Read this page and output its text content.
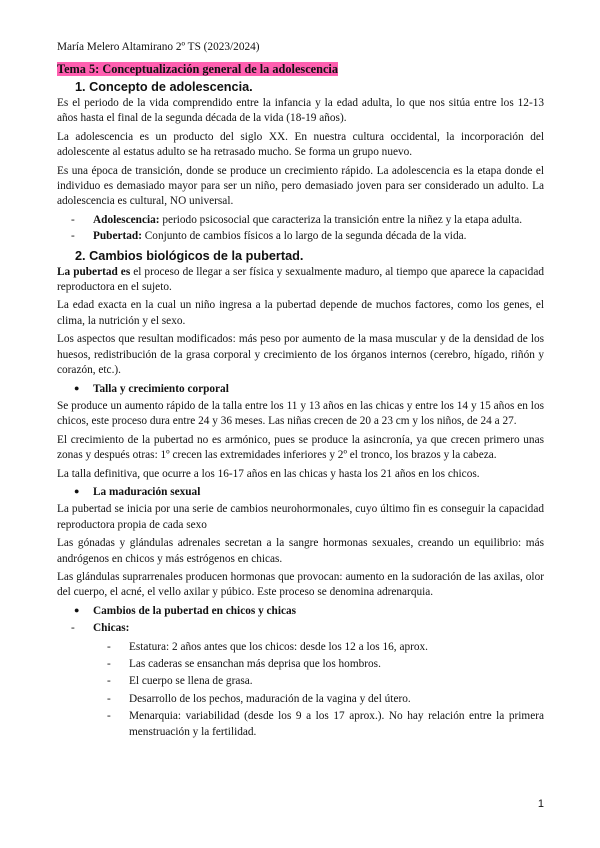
María Melero Altamirano 2º TS (2023/2024)
Tema 5: Conceptualización general de la adolescencia
1. Concepto de adolescencia.

Es el periodo de la vida comprendido entre la infancia y la edad adulta, lo que nos sitúa entre los 12-13 años hasta el final de la segunda década de la vida (18-19 años).

La adolescencia es un producto del siglo XX. En nuestra cultura occidental, la incorporación del adolescente al estatus adulto se ha retrasado mucho. Se forma un grupo nuevo.

Es una época de transición, donde se produce un crecimiento rápido. La adolescencia es la etapa donde el individuo es demasiado mayor para ser un niño, pero demasiado joven para ser considerado un adulto. La adolescencia es cultural, NO universal.

- Adolescencia: periodo psicosocial que caracteriza la transición entre la niñez y la etapa adulta.
- Pubertad: Conjunto de cambios físicos a lo largo de la segunda década de la vida.
2. Cambios biológicos de la pubertad.

La pubertad es el proceso de llegar a ser física y sexualmente maduro, al tiempo que aparece la capacidad reproductora en el sujeto.

La edad exacta en la cual un niño ingresa a la pubertad depende de muchos factores, como los genes, el clima, la nutrición y el sexo.

Los aspectos que resultan modificados: más peso por aumento de la masa muscular y de la densidad de los huesos, redistribución de la grasa corporal y crecimiento de los órganos internos (cerebro, hígado, riñón y corazón, etc.).

● Talla y crecimiento corporal

Se produce un aumento rápido de la talla entre los 11 y 13 años en las chicas y entre los 14 y 15 años en los chicos, este proceso dura entre 24 y 36 meses. Las niñas crecen de 20 a 23 cm y los niños, de 24 a 27.

El crecimiento de la pubertad no es armónico, pues se produce la asincronía, ya que crecen primero unas zonas y después otras: 1º crecen las extremidades inferiores y 2º el tronco, los brazos y la cabeza.

La talla definitiva, que ocurre a los 16-17 años en las chicas y hasta los 21 años en los chicos.

● La maduración sexual

La pubertad se inicia por una serie de cambios neurohormonales, cuyo último fin es conseguir la capacidad reproductora propia de cada sexo

Las gónadas y glándulas adrenales secretan a la sangre hormonas sexuales, creando un equilibrio: más andrógenos en chicos y más estrógenos en chicas.

Las glándulas suprarrenales producen hormonas que provocan: aumento en la sudoración de las axilas, olor del cuerpo, el acné, el vello axilar y púbico. Este proceso se denomina adrenarquia.

● Cambios de la pubertad en chicos y chicas
- Chicas:
- Estatura: 2 años antes que los chicos: desde los 12 a los 16, aprox.
- Las caderas se ensanchan más deprisa que los hombros.
- El cuerpo se llena de grasa.
- Desarrollo de los pechos, maduración de la vagina y del útero.
- Menarquia: variabilidad (desde los 9 a los 17 aprox.). No hay relación entre la primera menstruación y la fertilidad.
1
